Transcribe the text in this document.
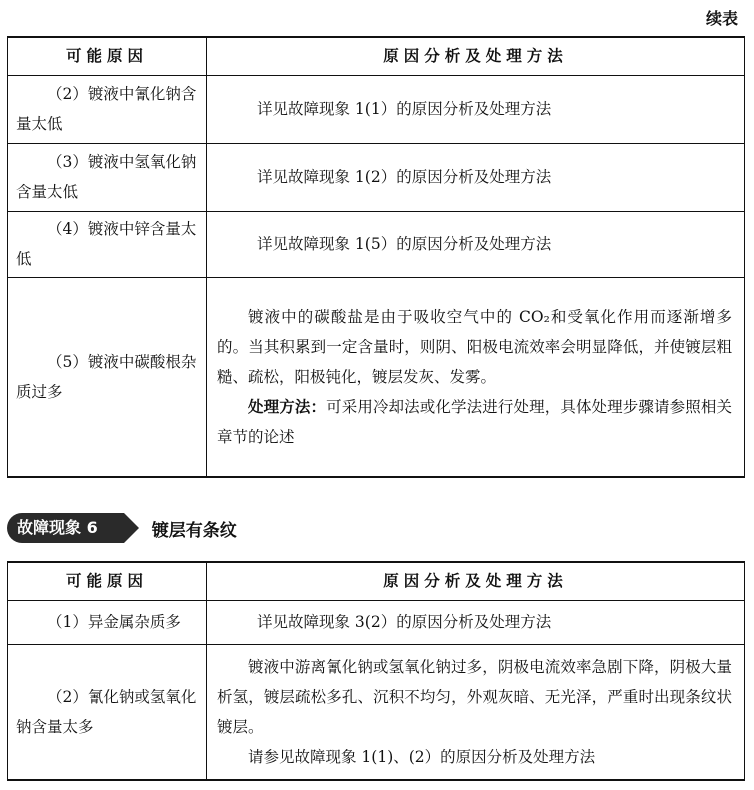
续表
可能原因	原因分析及处理方法

（2）镀液中氰化钠含量太低	详见故障现象 1(1）的原因分析及处理方法

（3）镀液中氢氧化钠含量太低	详见故障现象 1(2）的原因分析及处理方法

（4）镀液中锌含量太低	详见故障现象 1(5）的原因分析及处理方法

（5）镀液中碳酸根杂质过多	镀液中的碳酸盐是由于吸收空气中的 CO₂和受氧化作用而逐渐增多的。当其积累到一定含量时，则阴、阳极电流效率会明显降低，并使镀层粗糙、疏松，阳极钝化，镀层发灰、发雾。
处理方法：可采用冷却法或化学法进行处理，具体处理步骤请参照相关章节的论述
故障现象 6	镀层有条纹
可能原因	原因分析及处理方法

（1）异金属杂质多	详见故障现象 3(2）的原因分析及处理方法

（2）氰化钠或氢氧化钠含量太多	镀液中游离氰化钠或氢氧化钠过多，阴极电流效率急剧下降，阴极大量析氢，镀层疏松多孔、沉积不均匀，外观灰暗、无光泽，严重时出现条纹状镀层。
请参见故障现象 1(1)、(2）的原因分析及处理方法
